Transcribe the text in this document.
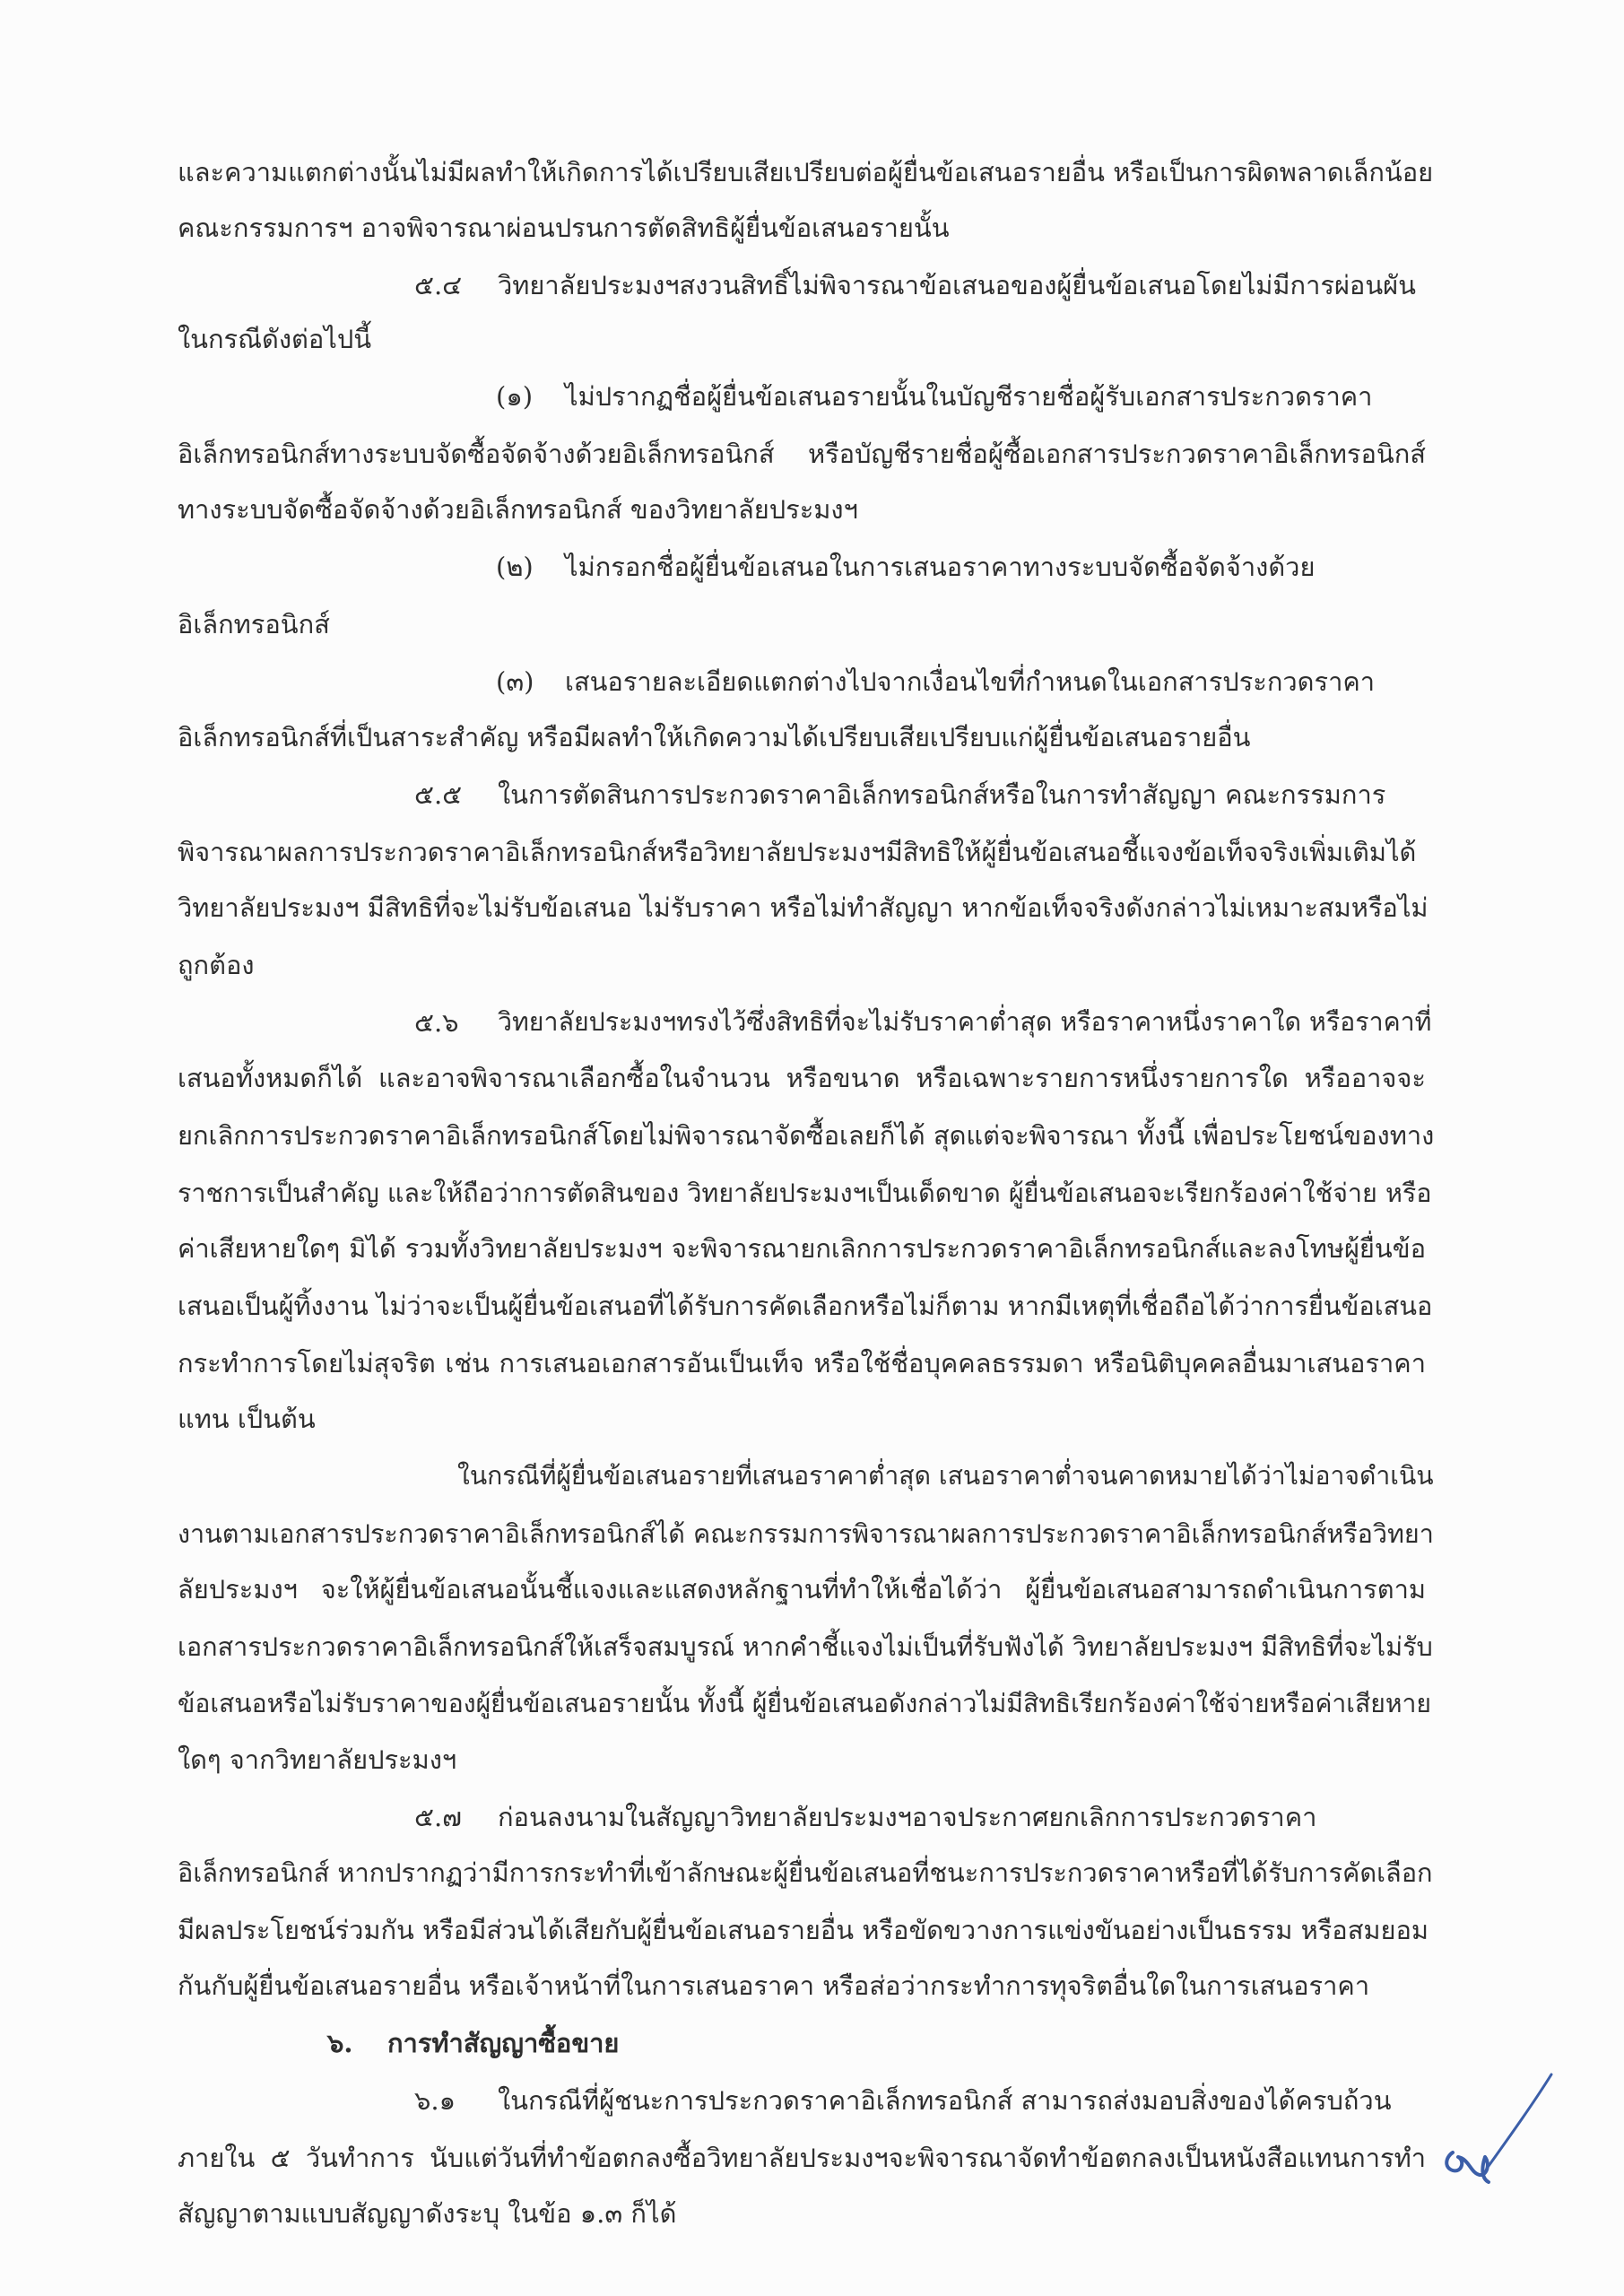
และความแตกต่างนั้นไม่มีผลทำให้เกิดการได้เปรียบเสียเปรียบต่อผู้ยื่นข้อเสนอรายอื่น หรือเป็นการผิดพลาดเล็กน้อย
คณะกรรมการฯ อาจพิจารณาผ่อนปรนการตัดสิทธิผู้ยื่นข้อเสนอรายนั้น
๕.๔ วิทยาลัยประมงฯสงวนสิทธิ์ไม่พิจารณาข้อเสนอของผู้ยื่นข้อเสนอโดยไม่มีการผ่อนผัน
ในกรณีดังต่อไปนี้
(๑) ไม่ปรากฏชื่อผู้ยื่นข้อเสนอรายนั้นในบัญชีรายชื่อผู้รับเอกสารประกวดราคา
อิเล็กทรอนิกส์ทางระบบจัดซื้อจัดจ้างด้วยอิเล็กทรอนิกส์ หรือบัญชีรายชื่อผู้ซื้อเอกสารประกวดราคาอิเล็กทรอนิกส์
ทางระบบจัดซื้อจัดจ้างด้วยอิเล็กทรอนิกส์ ของวิทยาลัยประมงฯ
(๒) ไม่กรอกชื่อผู้ยื่นข้อเสนอในการเสนอราคาทางระบบจัดซื้อจัดจ้างด้วย
อิเล็กทรอนิกส์
(๓) เสนอรายละเอียดแตกต่างไปจากเงื่อนไขที่กำหนดในเอกสารประกวดราคา
อิเล็กทรอนิกส์ที่เป็นสาระสำคัญ หรือมีผลทำให้เกิดความได้เปรียบเสียเปรียบแก่ผู้ยื่นข้อเสนอรายอื่น
๕.๕ ในการตัดสินการประกวดราคาอิเล็กทรอนิกส์หรือในการทำสัญญา คณะกรรมการ
พิจารณาผลการประกวดราคาอิเล็กทรอนิกส์หรือวิทยาลัยประมงฯมีสิทธิให้ผู้ยื่นข้อเสนอชี้แจงข้อเท็จจริงเพิ่มเติมได้
วิทยาลัยประมงฯ มีสิทธิที่จะไม่รับข้อเสนอ ไม่รับราคา หรือไม่ทำสัญญา หากข้อเท็จจริงดังกล่าวไม่เหมาะสมหรือไม่
ถูกต้อง
๕.๖ วิทยาลัยประมงฯทรงไว้ซึ่งสิทธิที่จะไม่รับราคาต่ำสุด หรือราคาหนึ่งราคาใด หรือราคาที่
เสนอทั้งหมดก็ได้ และอาจพิจารณาเลือกซื้อในจำนวน หรือขนาด หรือเฉพาะรายการหนึ่งรายการใด หรืออาจจะ
ยกเลิกการประกวดราคาอิเล็กทรอนิกส์โดยไม่พิจารณาจัดซื้อเลยก็ได้ สุดแต่จะพิจารณา ทั้งนี้ เพื่อประโยชน์ของทาง
ราชการเป็นสำคัญ และให้ถือว่าการตัดสินของ วิทยาลัยประมงฯเป็นเด็ดขาด ผู้ยื่นข้อเสนอจะเรียกร้องค่าใช้จ่าย หรือ
ค่าเสียหายใดๆ มิได้ รวมทั้งวิทยาลัยประมงฯ จะพิจารณายกเลิกการประกวดราคาอิเล็กทรอนิกส์และลงโทษผู้ยื่นข้อ
เสนอเป็นผู้ทิ้งงาน ไม่ว่าจะเป็นผู้ยื่นข้อเสนอที่ได้รับการคัดเลือกหรือไม่ก็ตาม หากมีเหตุที่เชื่อถือได้ว่าการยื่นข้อเสนอ
กระทำการโดยไม่สุจริต เช่น การเสนอเอกสารอันเป็นเท็จ หรือใช้ชื่อบุคคลธรรมดา หรือนิติบุคคลอื่นมาเสนอราคา
แทน เป็นต้น
ในกรณีที่ผู้ยื่นข้อเสนอรายที่เสนอราคาต่ำสุด เสนอราคาต่ำจนคาดหมายได้ว่าไม่อาจดำเนิน
งานตามเอกสารประกวดราคาอิเล็กทรอนิกส์ได้ คณะกรรมการพิจารณาผลการประกวดราคาอิเล็กทรอนิกส์หรือวิทยา
ลัยประมงฯ จะให้ผู้ยื่นข้อเสนอนั้นชี้แจงและแสดงหลักฐานที่ทำให้เชื่อได้ว่า ผู้ยื่นข้อเสนอสามารถดำเนินการตาม
เอกสารประกวดราคาอิเล็กทรอนิกส์ให้เสร็จสมบูรณ์ หากคำชี้แจงไม่เป็นที่รับฟังได้ วิทยาลัยประมงฯ มีสิทธิที่จะไม่รับ
ข้อเสนอหรือไม่รับราคาของผู้ยื่นข้อเสนอรายนั้น ทั้งนี้ ผู้ยื่นข้อเสนอดังกล่าวไม่มีสิทธิเรียกร้องค่าใช้จ่ายหรือค่าเสียหาย
ใดๆ จากวิทยาลัยประมงฯ
๕.๗ ก่อนลงนามในสัญญาวิทยาลัยประมงฯอาจประกาศยกเลิกการประกวดราคา
อิเล็กทรอนิกส์ หากปรากฏว่ามีการกระทำที่เข้าลักษณะผู้ยื่นข้อเสนอที่ชนะการประกวดราคาหรือที่ได้รับการคัดเลือก
มีผลประโยชน์ร่วมกัน หรือมีส่วนได้เสียกับผู้ยื่นข้อเสนอรายอื่น หรือขัดขวางการแข่งขันอย่างเป็นธรรม หรือสมยอม
กันกับผู้ยื่นข้อเสนอรายอื่น หรือเจ้าหน้าที่ในการเสนอราคา หรือส่อว่ากระทำการทุจริตอื่นใดในการเสนอราคา
๖. การทำสัญญาซื้อขาย
๖.๑ ในกรณีที่ผู้ชนะการประกวดราคาอิเล็กทรอนิกส์ สามารถส่งมอบสิ่งของได้ครบถ้วน
ภายใน ๕ วันทำการ นับแต่วันที่ทำข้อตกลงซื้อวิทยาลัยประมงฯจะพิจารณาจัดทำข้อตกลงเป็นหนังสือแทนการทำ
สัญญาตามแบบสัญญาดังระบุ ในข้อ ๑.๓ ก็ได้
